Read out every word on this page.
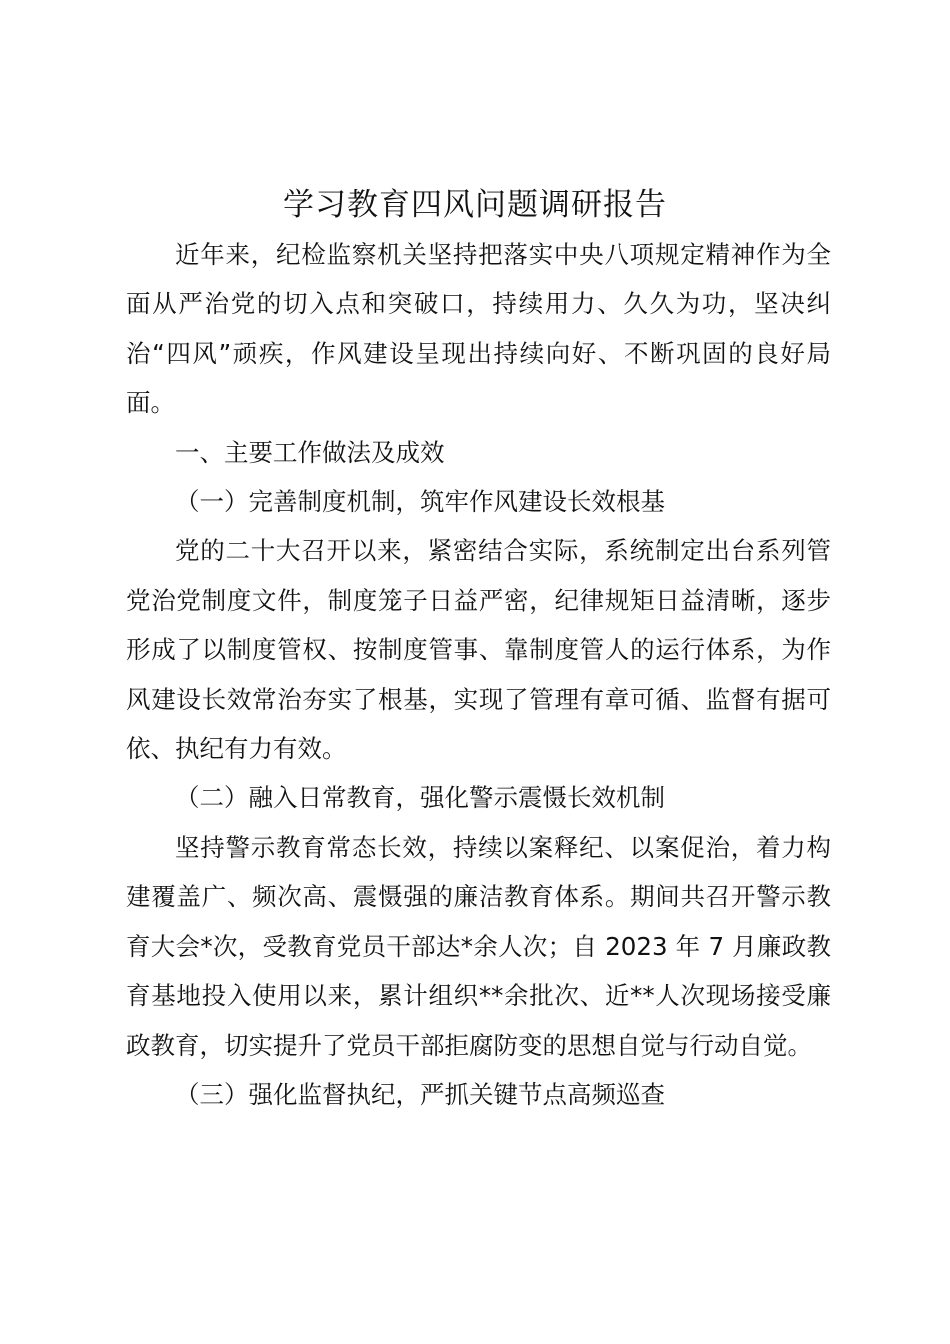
学习教育四风问题调研报告

近年来，纪检监察机关坚持把落实中央八项规定精神作为全面从严治党的切入点和突破口，持续用力、久久为功，坚决纠治“四风”顽疾，作风建设呈现出持续向好、不断巩固的良好局面。

一、主要工作做法及成效

（一）完善制度机制，筑牢作风建设长效根基

党的二十大召开以来，紧密结合实际，系统制定出台系列管党治党制度文件，制度笼子日益严密，纪律规矩日益清晰，逐步形成了以制度管权、按制度管事、靠制度管人的运行体系，为作风建设长效常治夯实了根基，实现了管理有章可循、监督有据可依、执纪有力有效。

（二）融入日常教育，强化警示震慑长效机制

坚持警示教育常态长效，持续以案释纪、以案促治，着力构建覆盖广、频次高、震慑强的廉洁教育体系。期间共召开警示教育大会*次，受教育党员干部达*余人次；自 2023 年 7 月廉政教育基地投入使用以来，累计组织**余批次、近**人次现场接受廉政教育，切实提升了党员干部拒腐防变的思想自觉与行动自觉。

（三）强化监督执纪，严抓关键节点高频巡查
